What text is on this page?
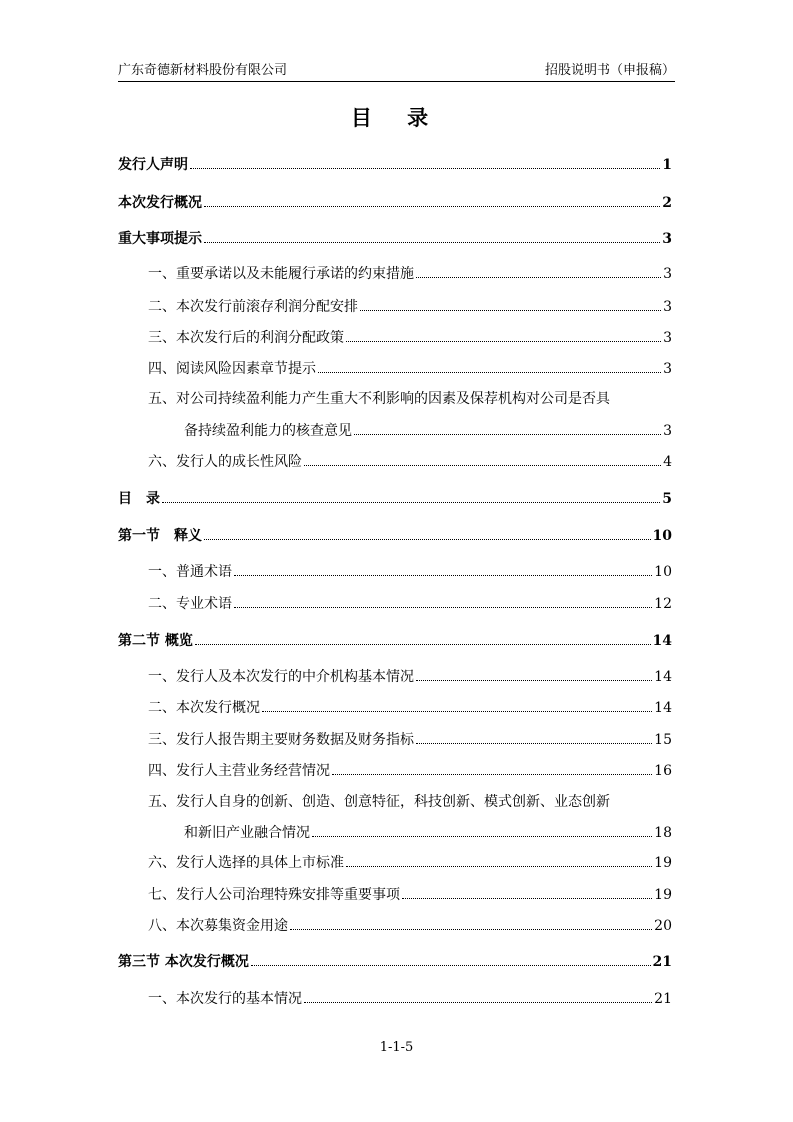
广东奇德新材料股份有限公司	招股说明书（申报稿）
目 录
发行人声明	1
本次发行概况	2
重大事项提示	3
一、重要承诺以及未能履行承诺的约束措施	3
二、本次发行前滚存利润分配安排	3
三、本次发行后的利润分配政策	3
四、阅读风险因素章节提示	3
五、对公司持续盈利能力产生重大不利影响的因素及保荐机构对公司是否具
备持续盈利能力的核查意见	3
六、发行人的成长性风险	4
目　录	5
第一节　释义	10
一、普通术语	10
二、专业术语	12
第二节 概览	14
一、发行人及本次发行的中介机构基本情况	14
二、本次发行概况	14
三、发行人报告期主要财务数据及财务指标	15
四、发行人主营业务经营情况	16
五、发行人自身的创新、创造、创意特征，科技创新、模式创新、业态创新
和新旧产业融合情况	18
六、发行人选择的具体上市标准	19
七、发行人公司治理特殊安排等重要事项	19
八、本次募集资金用途	20
第三节 本次发行概况	21
一、本次发行的基本情况	21
1-1-5
